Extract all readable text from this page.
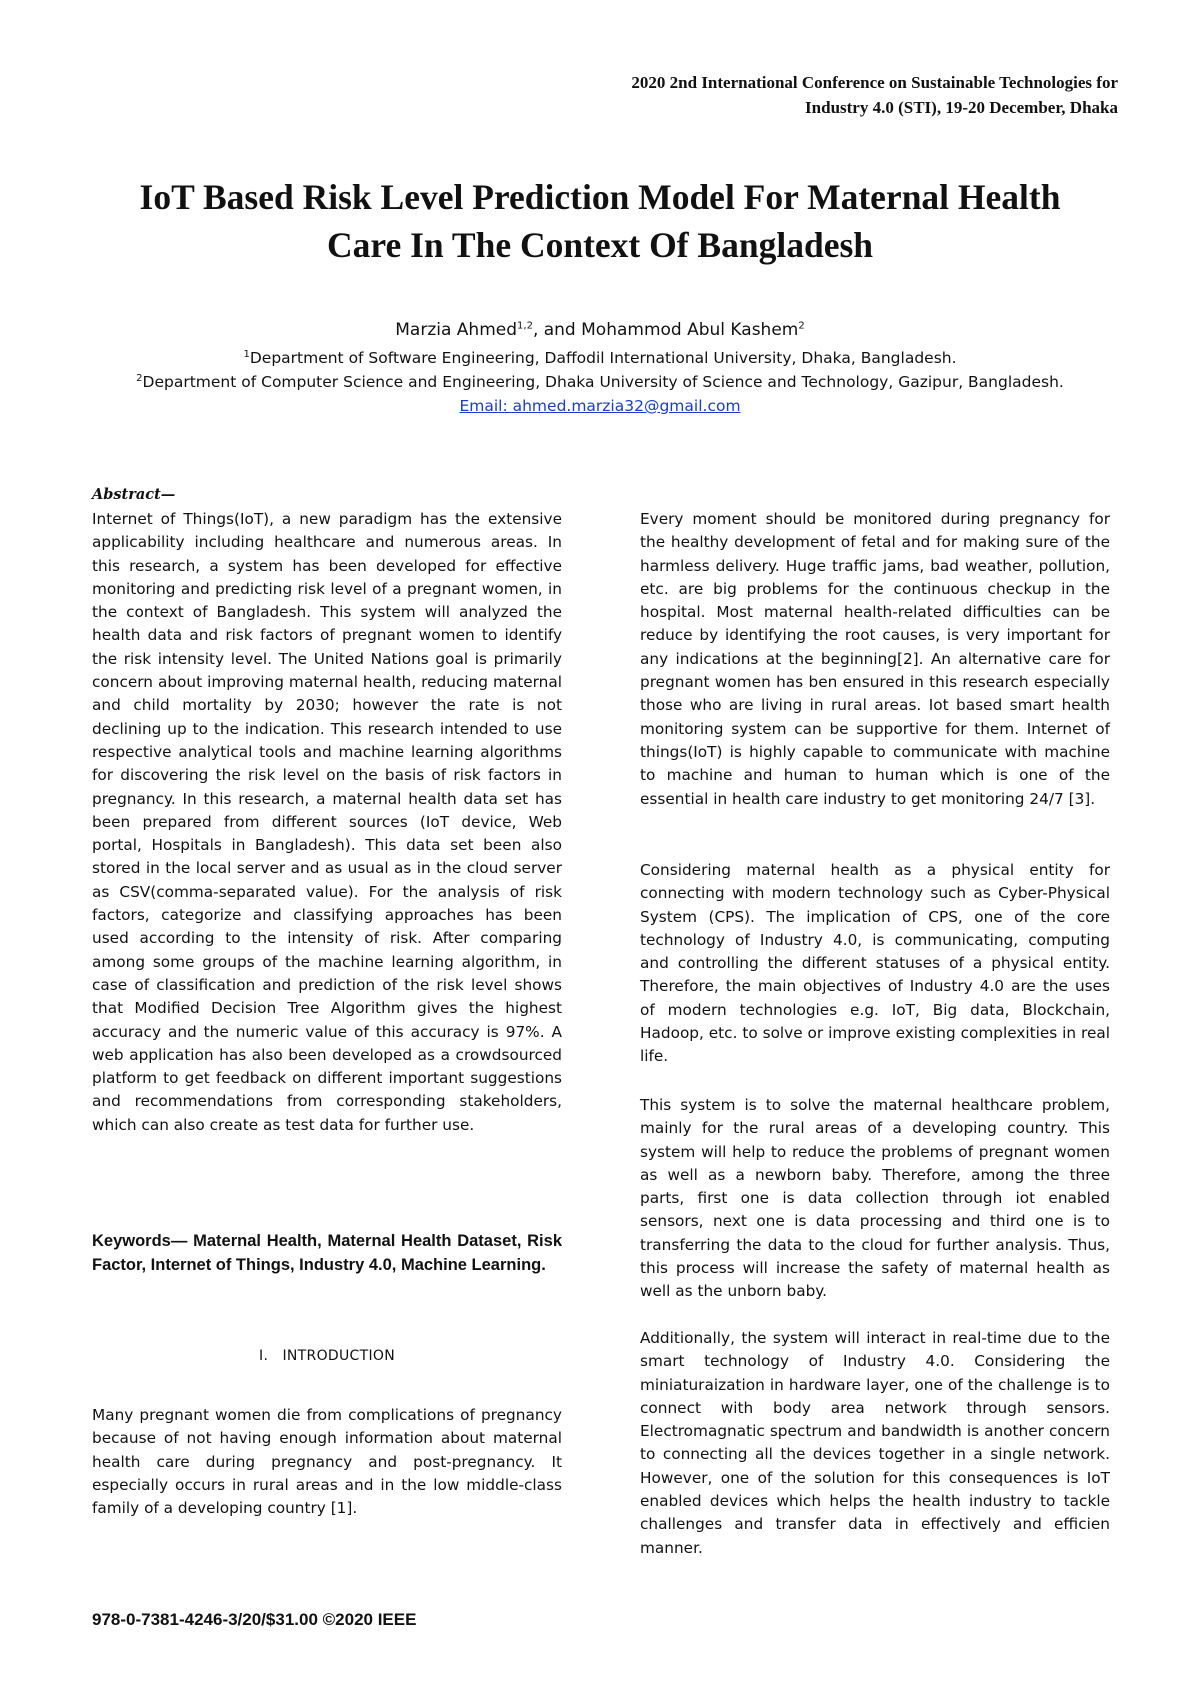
2020 2nd International Conference on Sustainable Technologies for
Industry 4.0 (STI), 19-20 December, Dhaka
IoT Based Risk Level Prediction Model For Maternal Health
Care In The Context Of Bangladesh
Marzia Ahmed$^{1,2}$, and Mohammod Abul Kashem$^2$
$^1$Department of Software Engineering, Daffodil International University, Dhaka, Bangladesh.
$^2$Department of Computer Science and Engineering, Dhaka University of Science and Technology, Gazipur, Bangladesh.
Email: ahmed.marzia32@gmail.com
Abstract—

Internet of Things(IoT), a new paradigm has the extensive applicability including healthcare and numerous areas. In this research, a system has been developed for effective monitoring and predicting risk level of a pregnant women, in the context of Bangladesh. This system will analyzed the health data and risk factors of pregnant women to identify the risk intensity level. The United Nations goal is primarily concern about improving maternal health, reducing maternal and child mortality by 2030; however the rate is not declining up to the indication. This research intended to use respective analytical tools and machine learning algorithms for discovering the risk level on the basis of risk factors in pregnancy. In this research, a maternal health data set has been prepared from different sources (IoT device, Web portal, Hospitals in Bangladesh). This data set been also stored in the local server and as usual as in the cloud server as CSV(comma-separated value). For the analysis of risk factors, categorize and classifying approaches has been used according to the intensity of risk. After comparing among some groups of the machine learning algorithm, in case of classification and prediction of the risk level shows that Modified Decision Tree Algorithm gives the highest accuracy and the numeric value of this accuracy is 97%. A web application has also been developed as a crowdsourced platform to get feedback on different important suggestions and recommendations from corresponding stakeholders, which can also create as test data for further use.

Keywords— Maternal Health, Maternal Health Dataset, Risk Factor, Internet of Things, Industry 4.0, Machine Learning.
I. INTRODUCTION

Many pregnant women die from complications of pregnancy because of not having enough information about maternal health care during pregnancy and post-pregnancy. It especially occurs in rural areas and in the low middle-class family of a developing country [1].

Every moment should be monitored during pregnancy for the healthy development of fetal and for making sure of the harmless delivery. Huge traffic jams, bad weather, pollution, etc. are big problems for the continuous checkup in the hospital. Most maternal health-related difficulties can be reduce by identifying the root causes, is very important for any indications at the beginning[2]. An alternative care for pregnant women has ben ensured in this research especially those who are living in rural areas. Iot based smart health monitoring system can be supportive for them. Internet of things(IoT) is highly capable to communicate with machine to machine and human to human which is one of the essential in health care industry to get monitoring 24/7 [3].

Considering maternal health as a physical entity for connecting with modern technology such as Cyber-Physical System (CPS). The implication of CPS, one of the core technology of Industry 4.0, is communicating, computing and controlling the different statuses of a physical entity. Therefore, the main objectives of Industry 4.0 are the uses of modern technologies e.g. IoT, Big data, Blockchain, Hadoop, etc. to solve or improve existing complexities in real life.

This system is to solve the maternal healthcare problem, mainly for the rural areas of a developing country. This system will help to reduce the problems of pregnant women as well as a newborn baby. Therefore, among the three parts, first one is data collection through iot enabled sensors, next one is data processing and third one is to transferring the data to the cloud for further analysis. Thus, this process will increase the safety of maternal health as well as the unborn baby.

Additionally, the system will interact in real-time due to the smart technology of Industry 4.0. Considering the miniaturaization in hardware layer, one of the challenge is to connect with body area network through sensors. Electromagnatic spectrum and bandwidth is another concern to connecting all the devices together in a single network. However, one of the solution for this consequences is IoT enabled devices which helps the health industry to tackle challenges and transfer data in effectively and efficien manner.

978-0-7381-4246-3/20/$31.00 ©2020 IEEE
